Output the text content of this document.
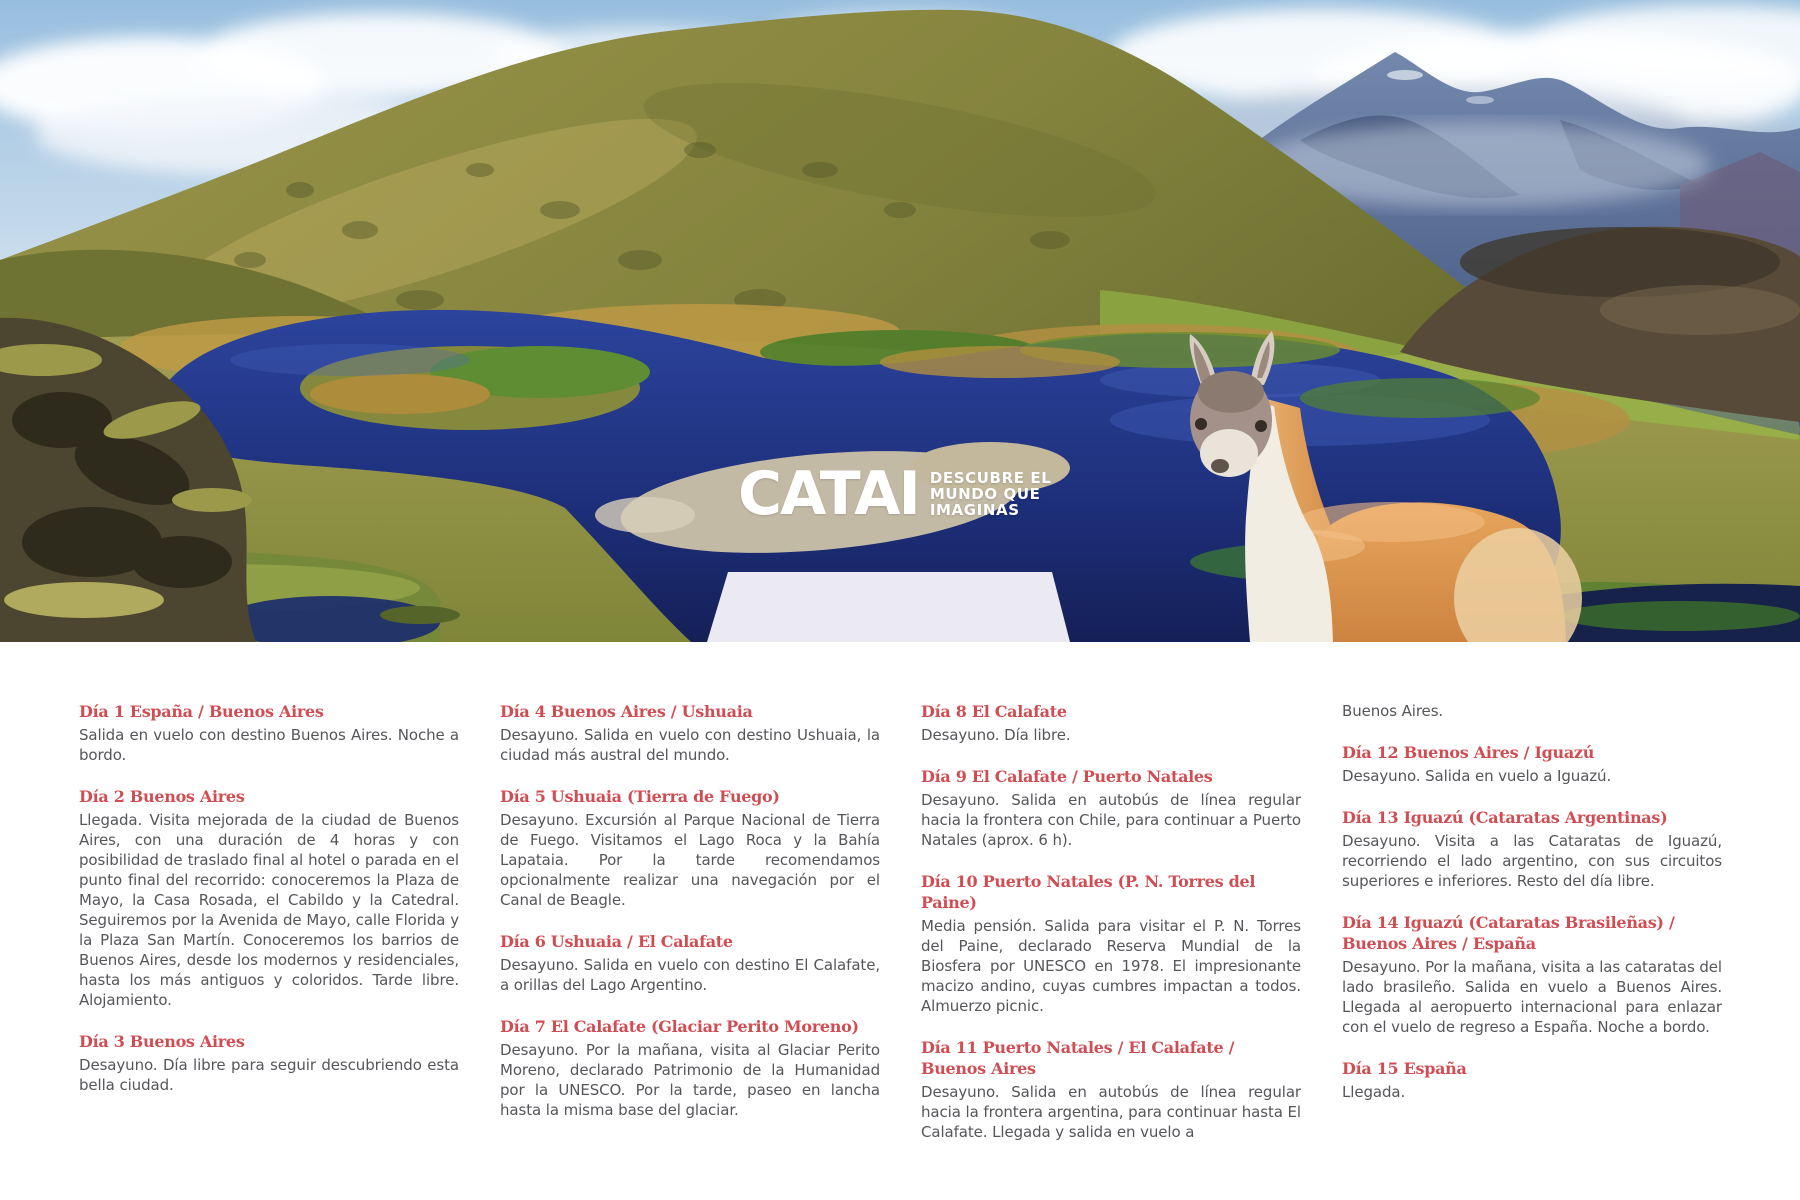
CATAI DESCUBRE EL
MUNDO QUE
IMAGINAS
Día 1 España / Buenos Aires

Salida en vuelo con destino Buenos Aires. Noche a bordo.

Día 2 Buenos Aires

Llegada. Visita mejorada de la ciudad de Buenos Aires, con una duración de 4 horas y con posibilidad de traslado final al hotel o parada en el punto final del recorrido: conoceremos la Plaza de Mayo, la Casa Rosada, el Cabildo y la Catedral. Seguiremos por la Avenida de Mayo, calle Florida y la Plaza San Martín. Conoceremos los barrios de Buenos Aires, desde los modernos y residenciales, hasta los más antiguos y coloridos. Tarde libre. Alojamiento.

Día 3 Buenos Aires

Desayuno. Día libre para seguir descubriendo esta bella ciudad.

Día 4 Buenos Aires / Ushuaia

Desayuno. Salida en vuelo con destino Ushuaia, la ciudad más austral del mundo.

Día 5 Ushuaia (Tierra de Fuego)

Desayuno. Excursión al Parque Nacional de Tierra de Fuego. Visitamos el Lago Roca y la Bahía Lapataia. Por la tarde recomendamos opcionalmente realizar una navegación por el Canal de Beagle.

Día 6 Ushuaia / El Calafate

Desayuno. Salida en vuelo con destino El Calafate, a orillas del Lago Argentino.

Día 7 El Calafate (Glaciar Perito Moreno)

Desayuno. Por la mañana, visita al Glaciar Perito Moreno, declarado Patrimonio de la Humanidad por la UNESCO. Por la tarde, paseo en lancha hasta la misma base del glaciar.

Día 8 El Calafate

Desayuno. Día libre.

Día 9 El Calafate / Puerto Natales

Desayuno. Salida en autobús de línea regular hacia la frontera con Chile, para continuar a Puerto Natales (aprox. 6 h).

Día 10 Puerto Natales (P. N. Torres del Paine)

Media pensión. Salida para visitar el P. N. Torres del Paine, declarado Reserva Mundial de la Biosfera por UNESCO en 1978. El impresionante macizo andino, cuyas cumbres impactan a todos. Almuerzo picnic.

Día 11 Puerto Natales / El Calafate / Buenos Aires

Desayuno. Salida en autobús de línea regular hacia la frontera argentina, para continuar hasta El Calafate. Llegada y salida en vuelo a

Buenos Aires.

Día 12 Buenos Aires / Iguazú

Desayuno. Salida en vuelo a Iguazú.

Día 13 Iguazú (Cataratas Argentinas)

Desayuno. Visita a las Cataratas de Iguazú, recorriendo el lado argentino, con sus circuitos superiores e inferiores. Resto del día libre.

Día 14 Iguazú (Cataratas Brasileñas) / Buenos Aires / España

Desayuno. Por la mañana, visita a las cataratas del lado brasileño. Salida en vuelo a Buenos Aires. Llegada al aeropuerto internacional para enlazar con el vuelo de regreso a España. Noche a bordo.

Día 15 España

Llegada.
